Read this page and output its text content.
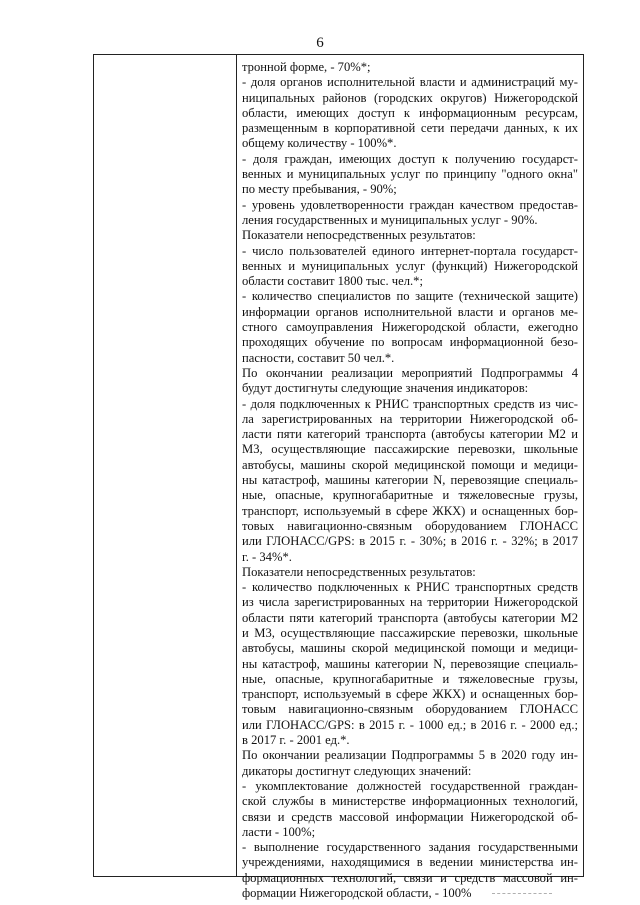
6
тронной форме, - 70%*;
- доля органов исполнительной власти и администраций му-
ниципальных районов (городских округов) Нижегородской
области, имеющих доступ к информационным ресурсам,
размещенным в корпоративной сети передачи данных, к их
общему количеству - 100%*.
- доля граждан, имеющих доступ к получению государст-
венных и муниципальных услуг по принципу "одного окна"
по месту пребывания, - 90%;
- уровень удовлетворенности граждан качеством предостав-
ления государственных и муниципальных услуг - 90%.
Показатели непосредственных результатов:
- число пользователей единого интернет-портала государст-
венных и муниципальных услуг (функций) Нижегородской
области составит 1800 тыс. чел.*;
- количество специалистов по защите (технической защите)
информации органов исполнительной власти и органов ме-
стного самоуправления Нижегородской области, ежегодно
проходящих обучение по вопросам информационной безо-
пасности, составит 50 чел.*.
По окончании реализации мероприятий Подпрограммы 4
будут достигнуты следующие значения индикаторов:
- доля подключенных к РНИС транспортных средств из чис-
ла зарегистрированных на территории Нижегородской об-
ласти пяти категорий транспорта (автобусы категории М2 и
М3, осуществляющие пассажирские перевозки, школьные
автобусы, машины скорой медицинской помощи и медици-
ны катастроф, машины категории N, перевозящие специаль-
ные, опасные, крупногабаритные и тяжеловесные грузы,
транспорт, используемый в сфере ЖКХ) и оснащенных бор-
товых навигационно-связным оборудованием ГЛОНАСС
или ГЛОНАСС/GPS: в 2015 г. - 30%; в 2016 г. - 32%; в 2017
г. - 34%*.
Показатели непосредственных результатов:
- количество подключенных к РНИС транспортных средств
из числа зарегистрированных на территории Нижегородской
области пяти категорий транспорта (автобусы категории М2
и М3, осуществляющие пассажирские перевозки, школьные
автобусы, машины скорой медицинской помощи и медици-
ны катастроф, машины категории N, перевозящие специаль-
ные, опасные, крупногабаритные и тяжеловесные грузы,
транспорт, используемый в сфере ЖКХ) и оснащенных бор-
товым навигационно-связным оборудованием ГЛОНАСС
или ГЛОНАСС/GPS: в 2015 г. - 1000 ед.; в 2016 г. - 2000 ед.;
в 2017 г. - 2001 ед.*.
По окончании реализации Подпрограммы 5 в 2020 году ин-
дикаторы достигнут следующих значений:
- укомплектование должностей государственной граждан-
ской службы в министерстве информационных технологий,
связи и средств массовой информации Нижегородской об-
ласти - 100%;
- выполнение государственного задания государственными
учреждениями, находящимися в ведении министерства ин-
формационных технологий, связи и средств массовой ин-
формации Нижегородской области, - 100%
